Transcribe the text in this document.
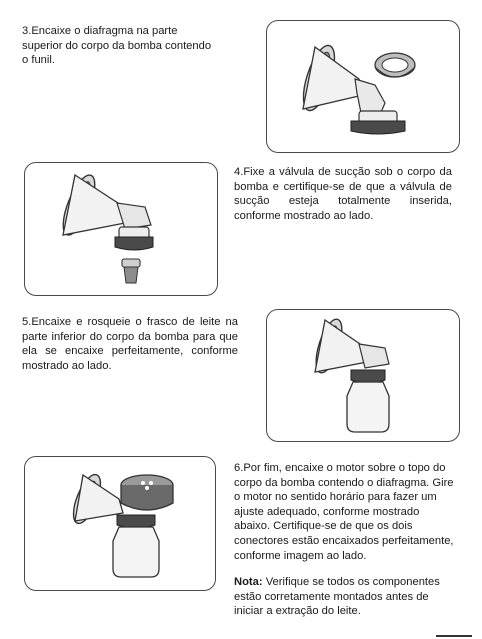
3.Encaixe o diafragma na parte superior do corpo da bomba contendo o funil.
4.Fixe a válvula de sucção sob o corpo da bomba e certifique-se de que a válvula de sucção esteja totalmente inserida, conforme mostrado ao lado.
5.Encaixe e rosqueie o frasco de leite na parte inferior do corpo da bomba para que ela se encaixe perfeitamente, conforme mostrado ao lado.
6.Por fim, encaixe o motor sobre o topo do corpo da bomba contendo o diafragma. Gire o motor no sentido horário para fazer um ajuste adequado, conforme mostrado abaixo. Certifique-se de que os dois conectores estão encaixados perfeitamente, conforme imagem ao lado.
Nota: Verifique se todos os componentes estão corretamente montados antes de iniciar a extração do leite.
